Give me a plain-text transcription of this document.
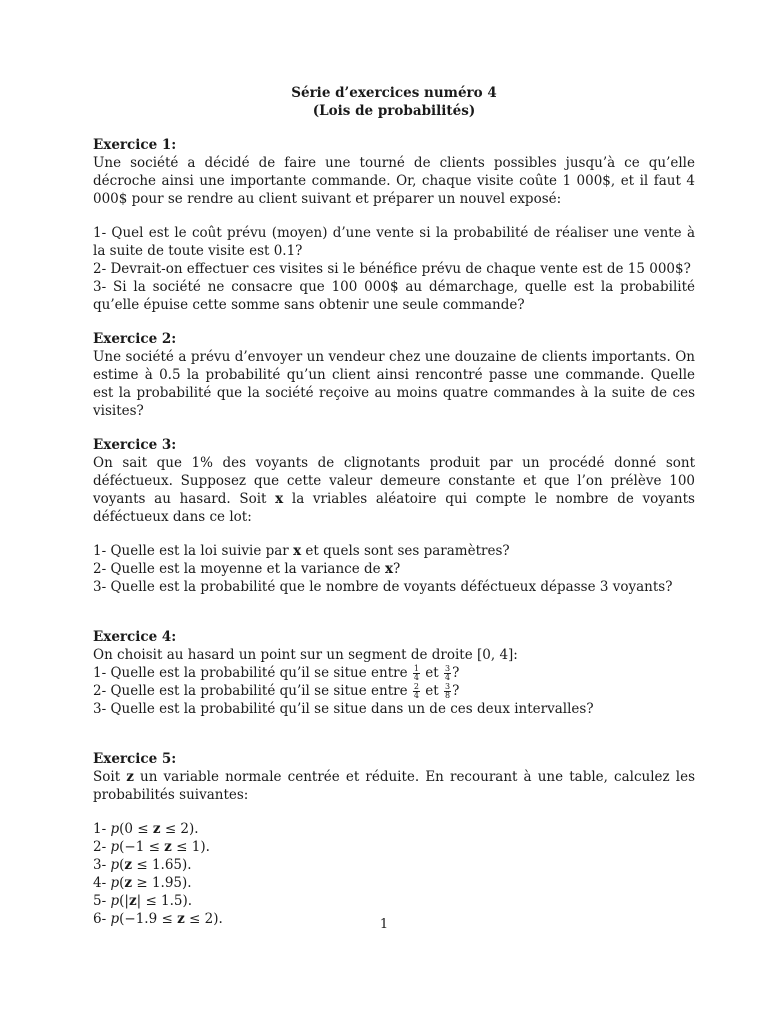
Série d’exercices numéro 4
(Lois de probabilités)
Exercice 1:
Une société a décidé de faire une tourné de clients possibles jusqu’à ce qu’elle décroche ainsi une importante commande. Or, chaque visite coûte 1 000$, et il faut 4 000$ pour se rendre au client suivant et préparer un nouvel exposé:
1- Quel est le coût prévu (moyen) d’une vente si la probabilité de réaliser une vente à la suite de toute visite est 0.1?
2- Devrait-on effectuer ces visites si le bénéfice prévu de chaque vente est de 15 000$?
3- Si la société ne consacre que 100 000$ au démarchage, quelle est la probabilité qu’elle épuise cette somme sans obtenir une seule commande?
Exercice 2:
Une société a prévu d’envoyer un vendeur chez une douzaine de clients importants. On estime à 0.5 la probabilité qu’un client ainsi rencontré passe une commande. Quelle est la probabilité que la société reçoive au moins quatre commandes à la suite de ces visites?
Exercice 3:
On sait que 1% des voyants de clignotants produit par un procédé donné sont déféctueux. Supposez que cette valeur demeure constante et que l’on prélève 100 voyants au hasard. Soit x la vriables aléatoire qui compte le nombre de voyants déféctueux dans ce lot:
1- Quelle est la loi suivie par x et quels sont ses paramètres?
2- Quelle est la moyenne et la variance de x?
3- Quelle est la probabilité que le nombre de voyants déféctueux dépasse 3 voyants?
Exercice 4:
On choisit au hasard un point sur un segment de droite [0, 4]:
1- Quelle est la probabilité qu’il se situe entre $\frac{1}{4}$ et $\frac{3}{4}$ ?
2- Quelle est la probabilité qu’il se situe entre $\frac{2}{4}$ et $\frac{3}{8}$ ?
3- Quelle est la probabilité qu’il se situe dans un de ces deux intervalles?
Exercice 5:
Soit z un variable normale centrée et réduite. En recourant à une table, calculez les probabilités suivantes:
1- p(0 ≤ z ≤ 2).
2- p(−1 ≤ z ≤ 1).
3- p(z ≤ 1.65).
4- p(z ≥ 1.95).
5- p(|z| ≤ 1.5).
6- p(−1.9 ≤ z ≤ 2).	1
